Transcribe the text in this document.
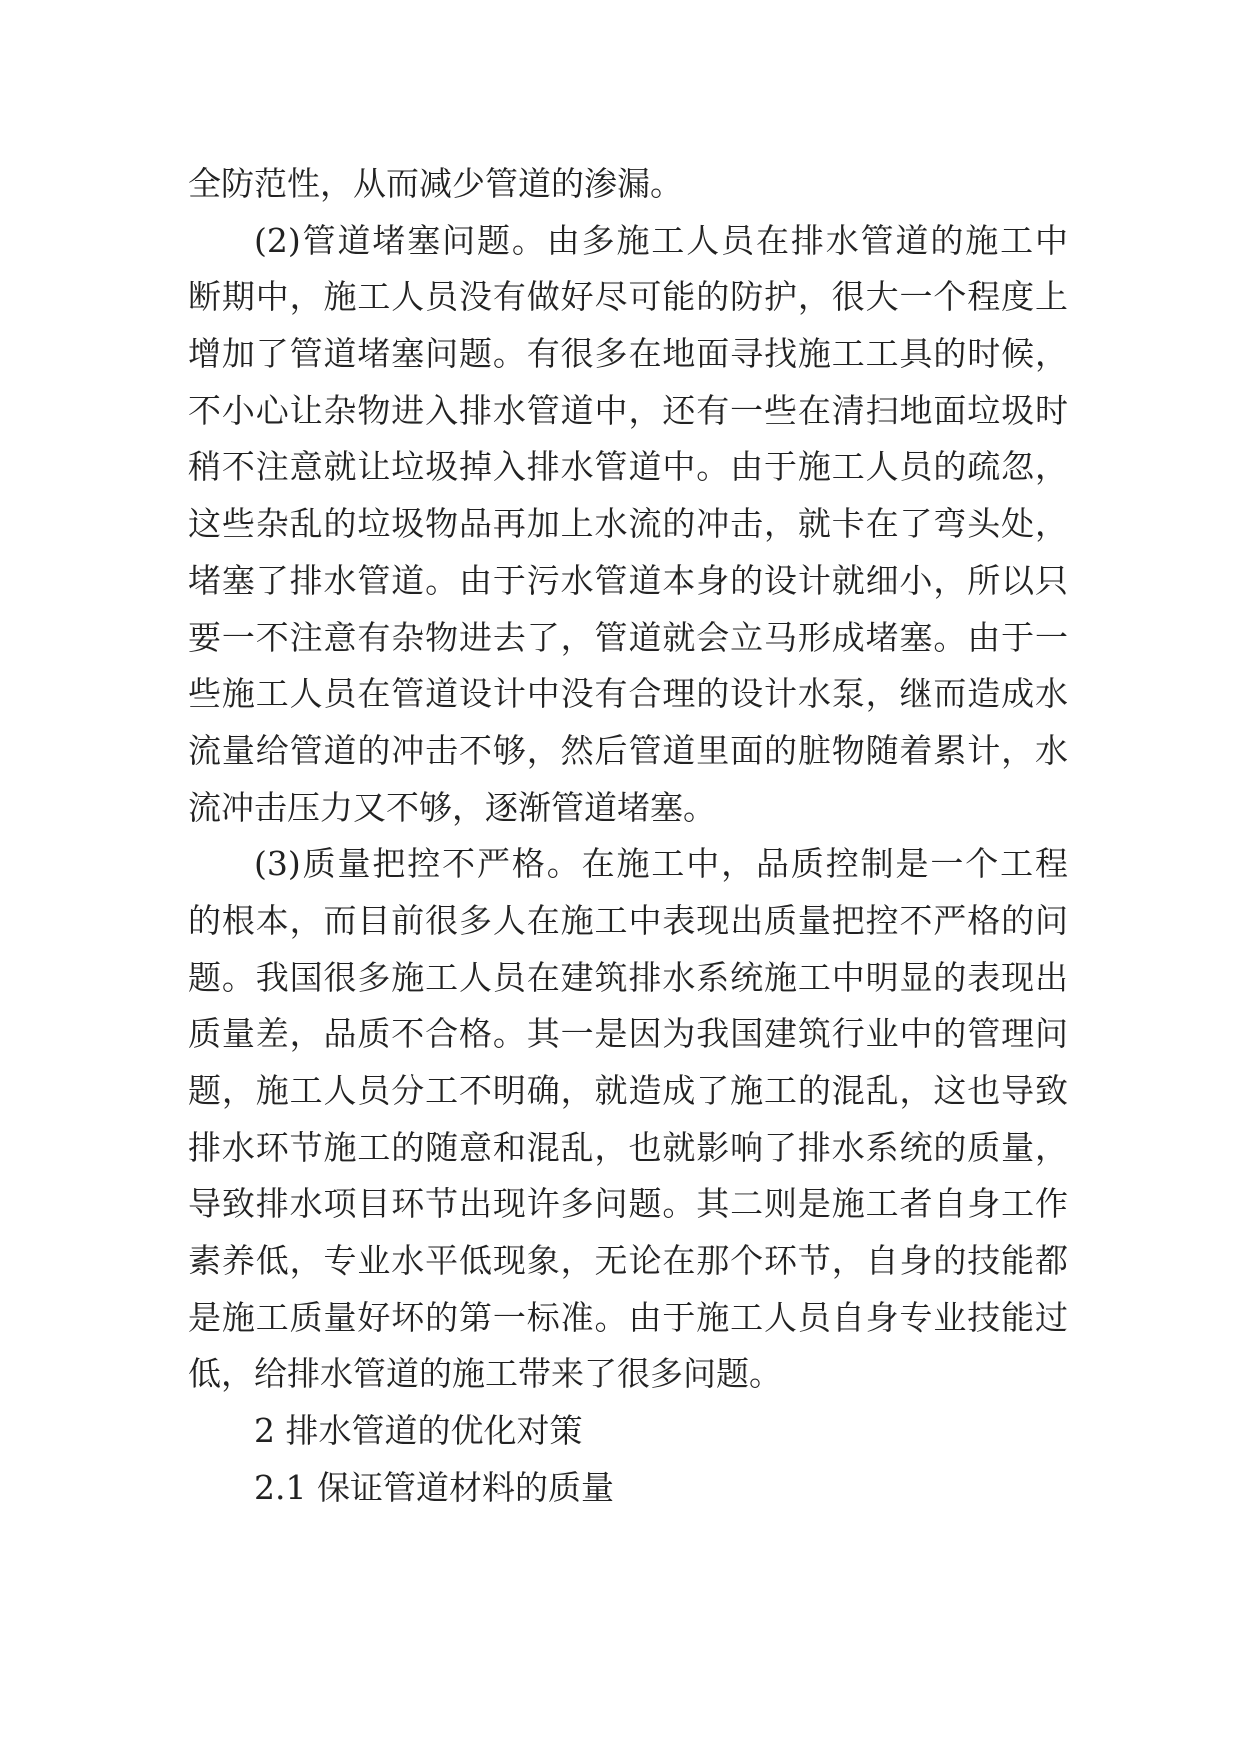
全防范性，从而减少管道的渗漏。
(2)管道堵塞问题。由多施工人员在排水管道的施工中
断期中，施工人员没有做好尽可能的防护，很大一个程度上
增加了管道堵塞问题。有很多在地面寻找施工工具的时候，
不小心让杂物进入排水管道中，还有一些在清扫地面垃圾时
稍不注意就让垃圾掉入排水管道中。由于施工人员的疏忽，
这些杂乱的垃圾物品再加上水流的冲击，就卡在了弯头处，
堵塞了排水管道。由于污水管道本身的设计就细小，所以只
要一不注意有杂物进去了，管道就会立马形成堵塞。由于一
些施工人员在管道设计中没有合理的设计水泵，继而造成水
流量给管道的冲击不够，然后管道里面的脏物随着累计，水
流冲击压力又不够，逐渐管道堵塞。
(3)质量把控不严格。在施工中，品质控制是一个工程
的根本，而目前很多人在施工中表现出质量把控不严格的问
题。我国很多施工人员在建筑排水系统施工中明显的表现出
质量差，品质不合格。其一是因为我国建筑行业中的管理问
题，施工人员分工不明确，就造成了施工的混乱，这也导致
排水环节施工的随意和混乱，也就影响了排水系统的质量，
导致排水项目环节出现许多问题。其二则是施工者自身工作
素养低，专业水平低现象，无论在那个环节，自身的技能都
是施工质量好坏的第一标准。由于施工人员自身专业技能过
低，给排水管道的施工带来了很多问题。
2 排水管道的优化对策
2.1 保证管道材料的质量
